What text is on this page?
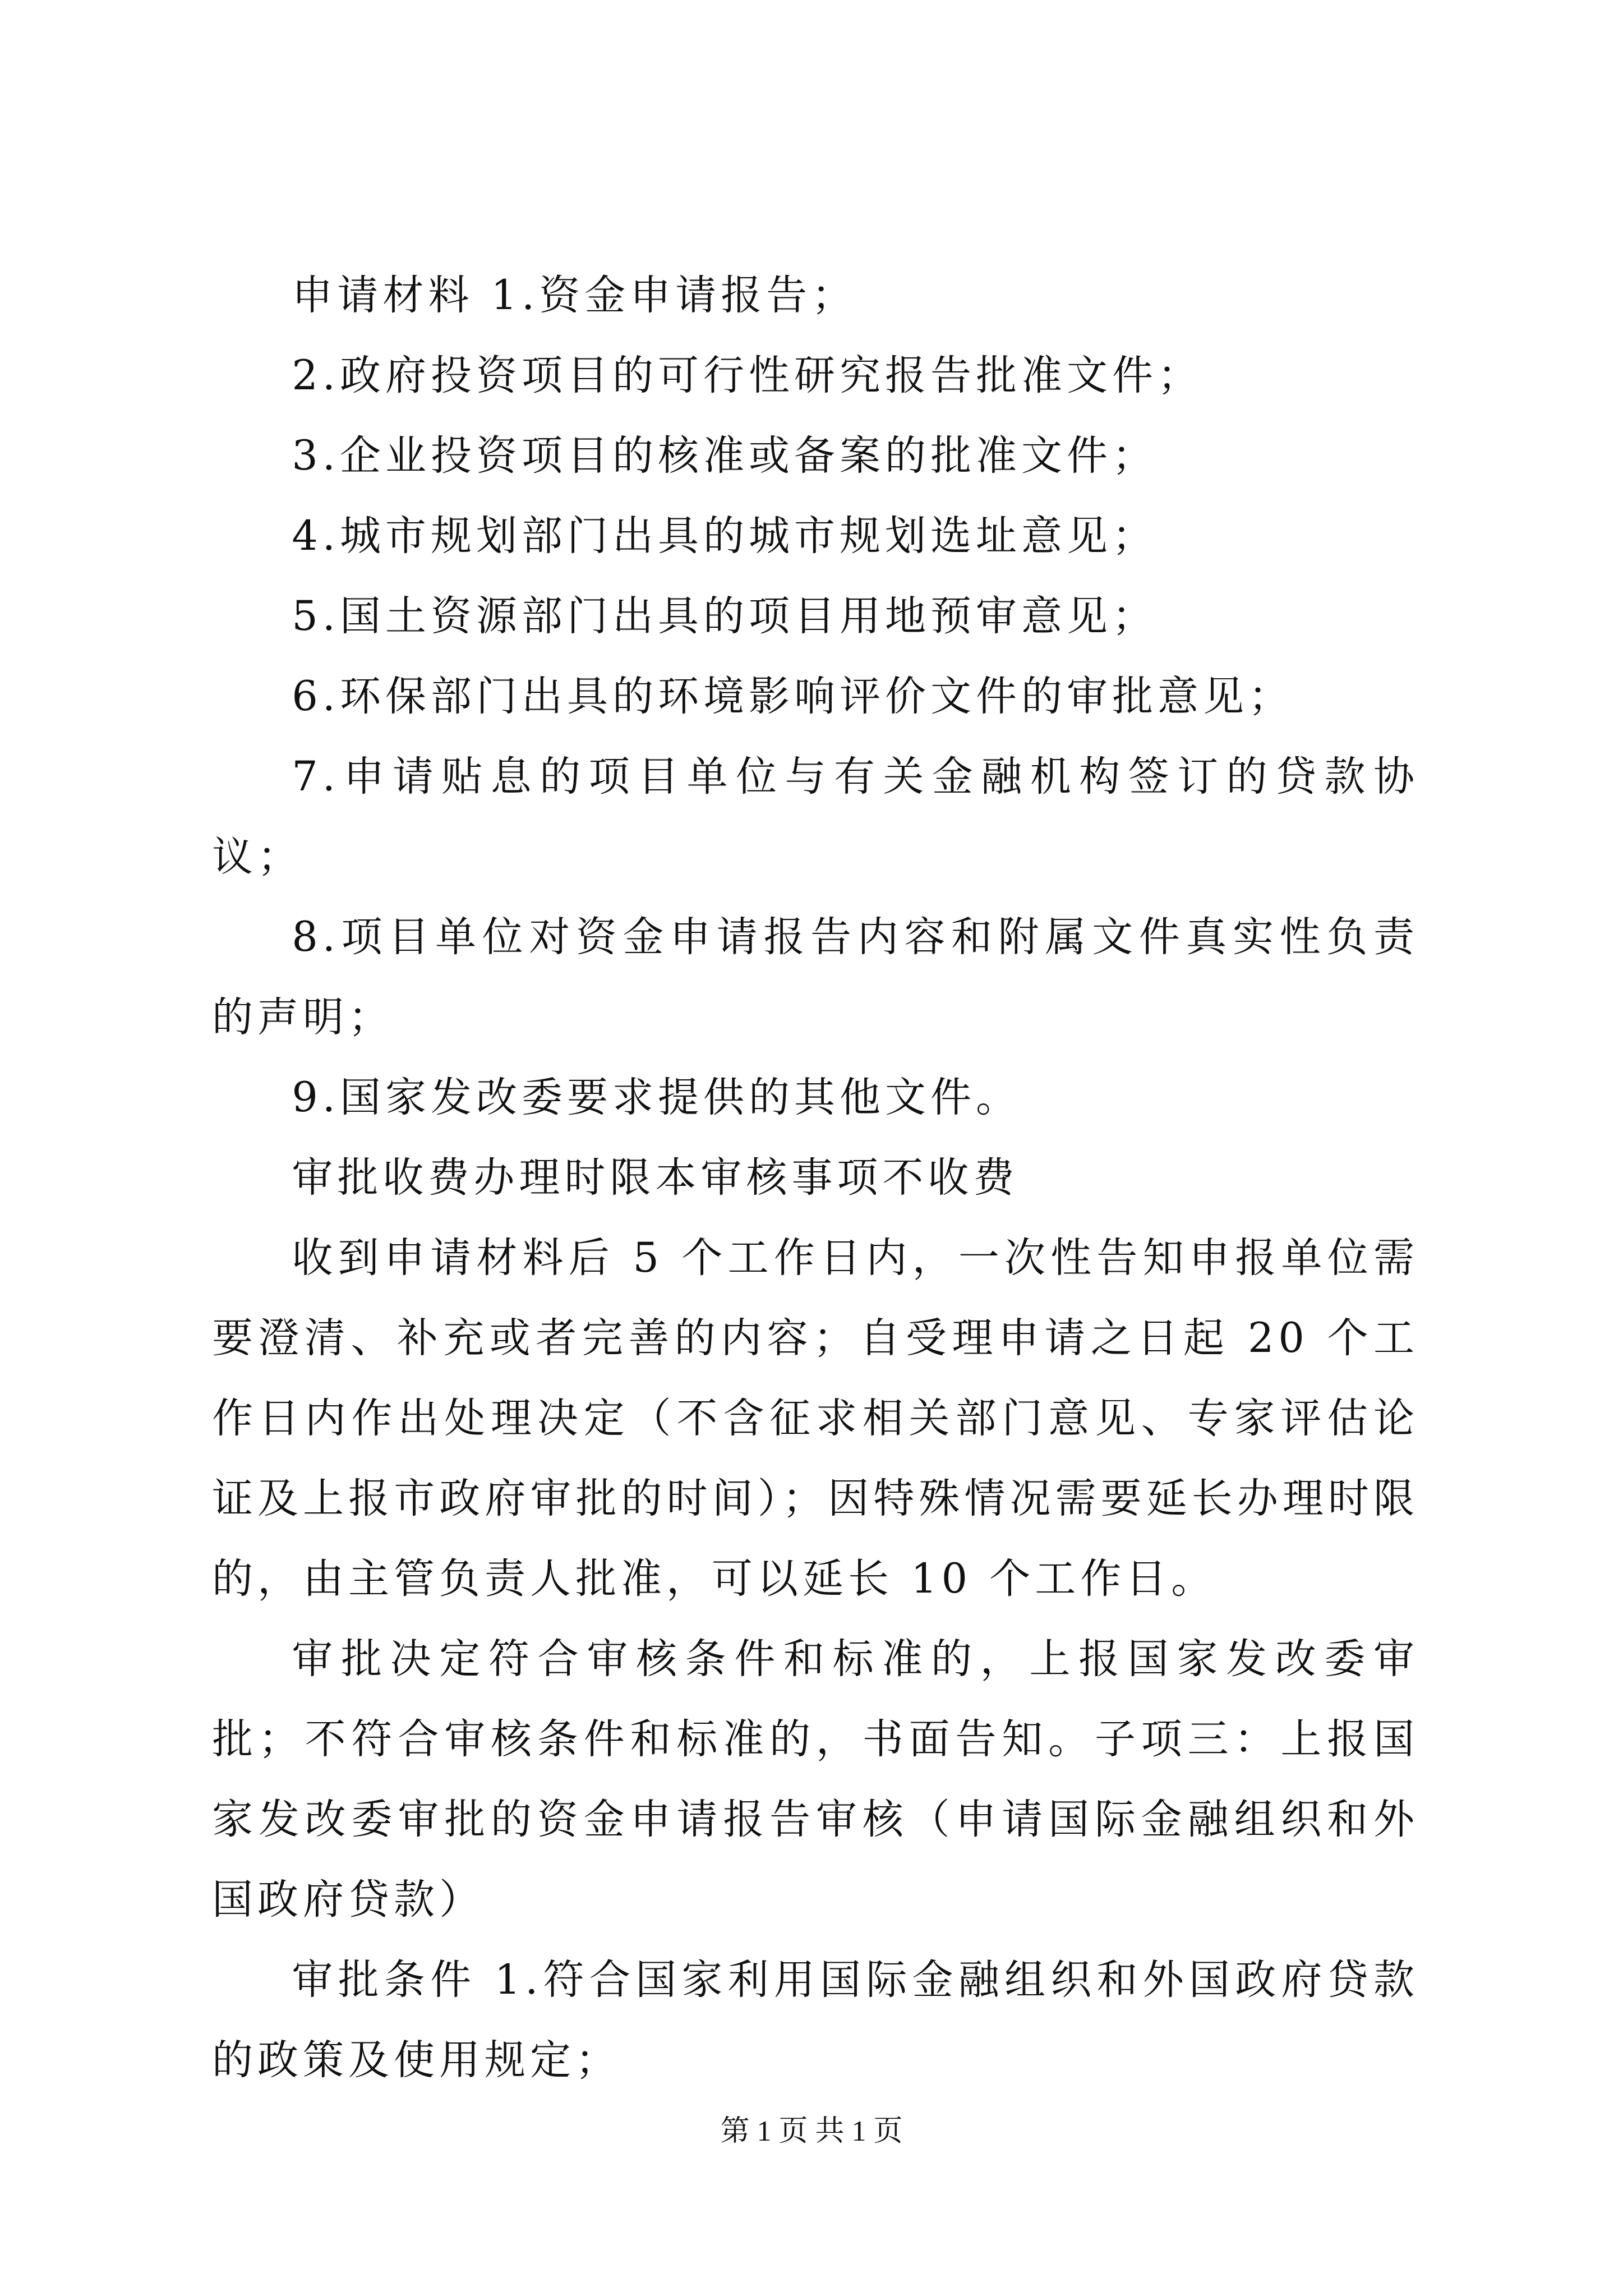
申请材料 1.资金申请报告；

2.政府投资项目的可行性研究报告批准文件；

3.企业投资项目的核准或备案的批准文件；

4.城市规划部门出具的城市规划选址意见；

5.国土资源部门出具的项目用地预审意见；

6.环保部门出具的环境影响评价文件的审批意见；

7.申请贴息的项目单位与有关金融机构签订的贷款协议；

8.项目单位对资金申请报告内容和附属文件真实性负责的声明；

9.国家发改委要求提供的其他文件。

审批收费办理时限本审核事项不收费

收到申请材料后 5 个工作日内，一次性告知申报单位需要澄清、补充或者完善的内容；自受理申请之日起 20 个工作日内作出处理决定（不含征求相关部门意见、专家评估论证及上报市政府审批的时间）；因特殊情况需要延长办理时限的，由主管负责人批准，可以延长 10 个工作日。

审批决定符合审核条件和标准的，上报国家发改委审批；不符合审核条件和标准的，书面告知。子项三：上报国家发改委审批的资金申请报告审核（申请国际金融组织和外国政府贷款）

审批条件 1.符合国家利用国际金融组织和外国政府贷款的政策及使用规定；

第 1 页 共 1 页
